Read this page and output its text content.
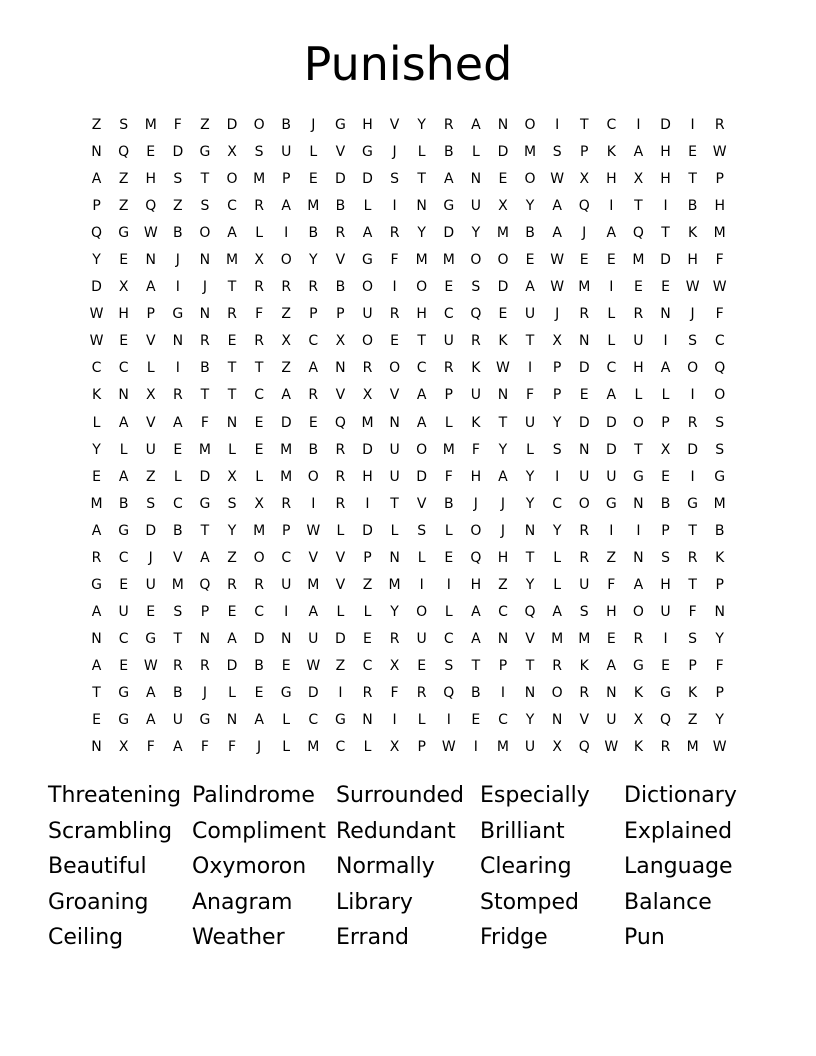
Punished
Z	S	M	F	Z	D	O	B	J	G	H	V	Y	R	A	N	O	I	T	C	I	D	I	R
N	Q	E	D	G	X	S	U	L	V	G	J	L	B	L	D	M	S	P	K	A	H	E	W
A	Z	H	S	T	O	M	P	E	D	D	S	T	A	N	E	O	W	X	H	X	H	T	P
P	Z	Q	Z	S	C	R	A	M	B	L	I	N	G	U	X	Y	A	Q	I	T	I	B	H
Q	G	W	B	O	A	L	I	B	R	A	R	Y	D	Y	M	B	A	J	A	Q	T	K	M
Y	E	N	J	N	M	X	O	Y	V	G	F	M	M	O	O	E	W	E	E	M	D	H	F
D	X	A	I	J	T	R	R	R	B	O	I	O	E	S	D	A	W	M	I	E	E	W W
W	H	P	G	N	R	F	Z	P	P	U	R	H	C	Q	E	U	J	R	L	R	N	J	F
W	E	V	N	R	E	R	X	C	X	O	E	T	U	R	K	T	X	N	L	U	I	S	C
C	C	L	I	B	T	T	Z	A	N	R	O	C	R	K	W	I	P	D	C	H	A	O	Q
K	N	X	R	T	T	C	A	R	V	X	V	A	P	U	N	F	P	E	A	L	L	I	O
L	A	V	A	F	N	E	D	E	Q	M	N	A	L	K	T	U	Y	D	D	O	P	R	S
Y	L	U	E	M	L	E	M	B	R	D	U	O	M	F	Y	L	S	N	D	T	X	D	S
E	A	Z	L	D	X	L	M	O	R	H	U	D	F	H	A	Y	I	U	U	G	E	I	G
M	B	S	C	G	S	X	R	I	R	I	T	V	B	J	J	Y	C	O	G	N	B	G	M
A	G	D	B	T	Y	M	P	W	L	D	L	S	L	O	J	N	Y	R	I	I	P	T	B
R	C	J	V	A	Z	O	C	V	V	P	N	L	E	Q	H	T	L	R	Z	N	S	R	K
G	E	U	M	Q	R	R	U	M	V	Z	M	I	I	H	Z	Y	L	U	F	A	H	T	P
A	U	E	S	P	E	C	I	A	L	L	Y	O	L	A	C	Q	A	S	H	O	U	F	N
N	C	G	T	N	A	D	N	U	D	E	R	U	C	A	N	V	M	M	E	R	I	S	Y
A	E	W	R	R	D	B	E	W	Z	C	X	E	S	T	P	T	R	K	A	G	E	P	F
T	G	A	B	J	L	E	G	D	I	R	F	R	Q	B	I	N	O	R	N	K	G	K	P
E	G	A	U	G	N	A	L	C	G	N	I	L	I	E	C	Y	N	V	U	X	Q	Z	Y
N	X	F	A	F	F	J	L	M	C	L	X	P	W	I	M	U	X	Q	W	K	R	M	W
Threatening Palindrome Surrounded Especially	Dictionary
Scrambling Compliment Redundant	Brilliant	Explained
Beautiful	Oxymoron	Normally	Clearing	Language
Groaning	Anagram	Library	Stomped	Balance
Ceiling	Weather	Errand	Fridge	Pun
